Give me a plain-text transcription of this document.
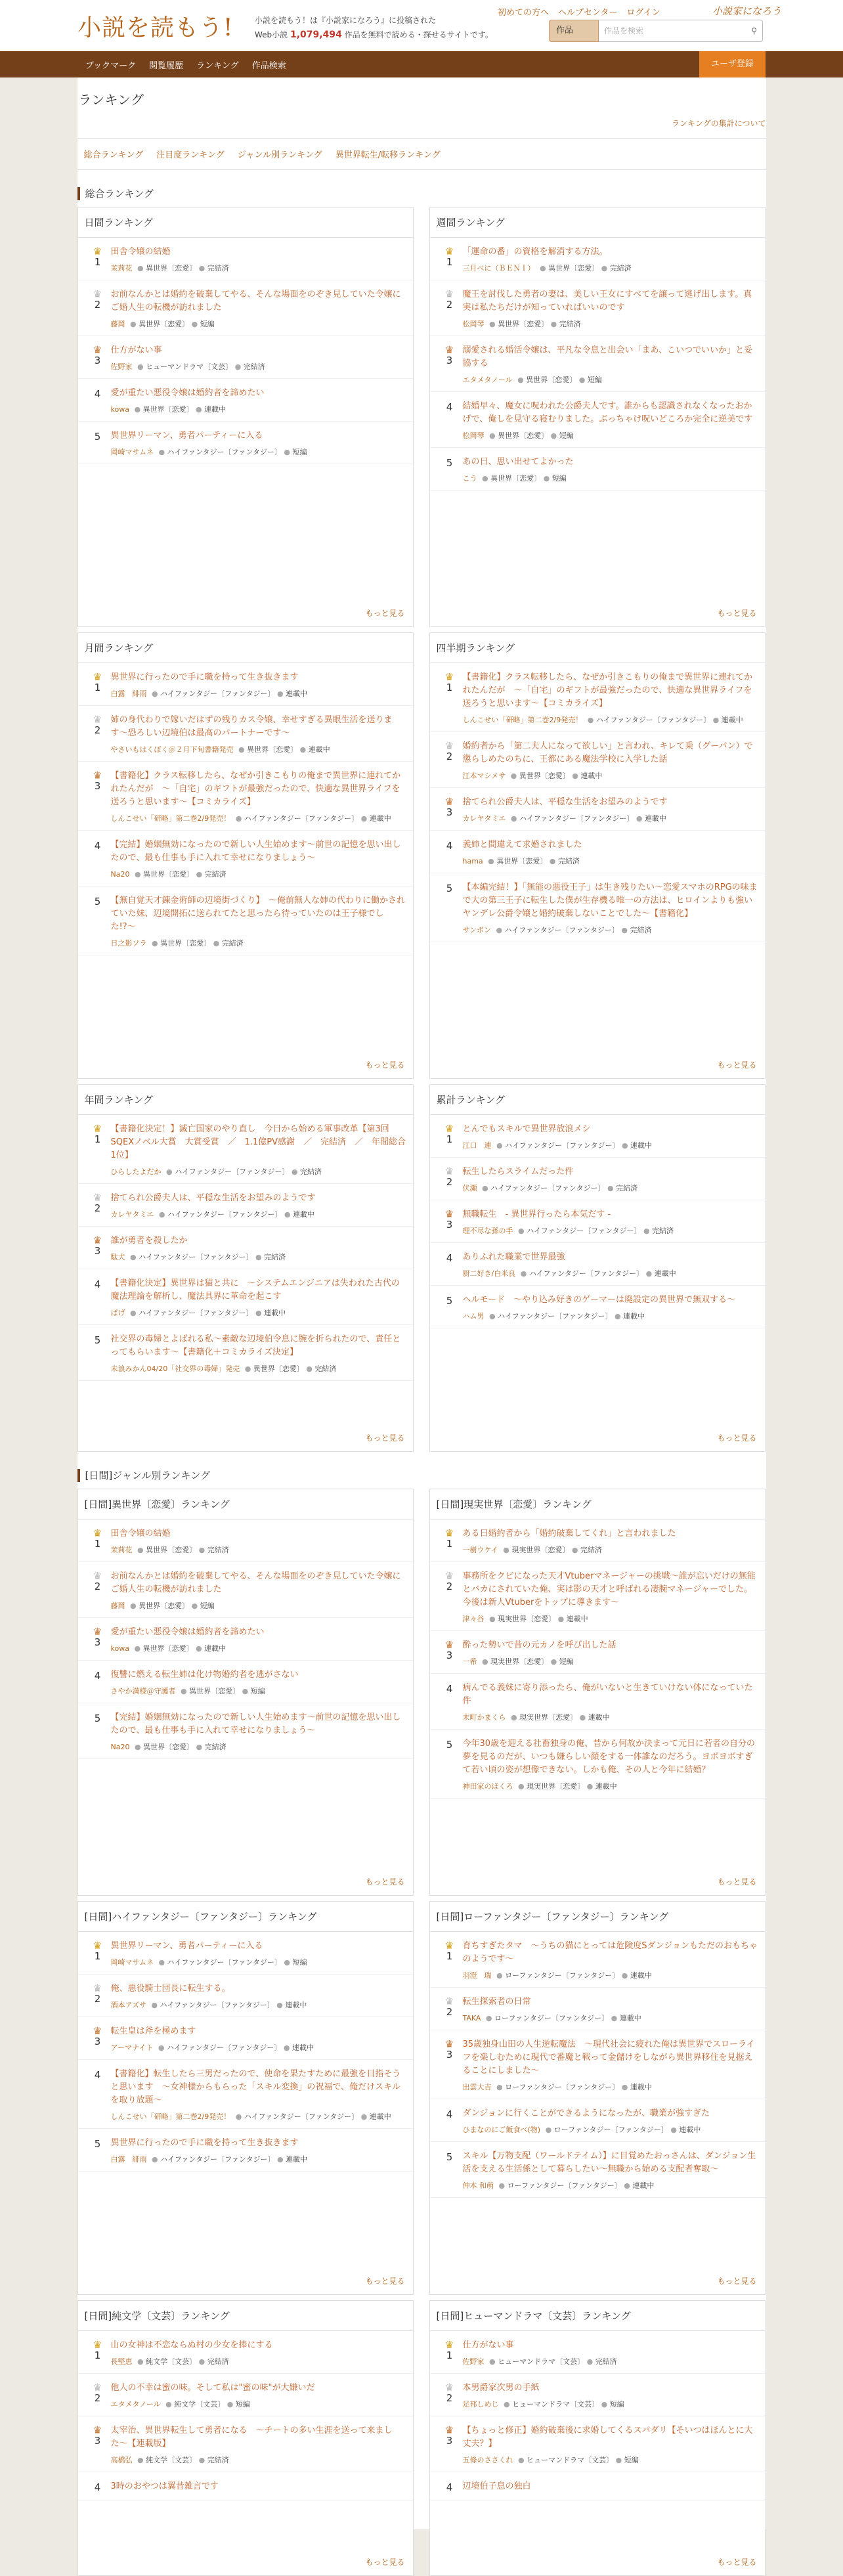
小説を読もう!	小説を読もう！は『小説家になろう』に投稿された
Web小説 1,079,494 作品を無料で読める・探せるサイトです。
初めての方へ ヘルプセンター ログイン	小説家になろう
作品	作品を検索	⚲
ブックマーク 閲覧履歴 ランキング 作品検索	ユーザ登録
ランキング
ランキングの集計について
総合ランキング 注目度ランキング ジャンル別ランキング 異世界転生/転移ランキング
総合ランキング
日間ランキング
♛
1
田舎令嬢の結婚
茉莉花 ● 異世界〔恋愛〕 ● 完結済
♛
2
お前なんかとは婚約を破棄してやる、そんな場面をのぞき見していた令嬢にご婚人生の転機が訪れました
藤岡 ● 異世界〔恋愛〕 ● 短編
♛
3
仕方がない事
佐野家 ● ヒューマンドラマ〔文芸〕 ● 完結済
4	愛が重たい悪役令嬢は婚約者を諦めたい
kowa ● 異世界〔恋愛〕 ● 連載中
5	異世界リーマン、勇者パーティーに入る
岡崎マサムネ ● ハイファンタジー〔ファンタジー〕 ● 短編
もっと見る
週間ランキング
♛
1
「運命の番」の資格を解消する方法。
三月べに（ＢＥＮＩ） ● 異世界〔恋愛〕 ● 完結済
♛
2
魔王を討伐した勇者の妻は、美しい王女にすべてを譲って逃げ出します。真実は私たちだけが知っていればいいのです
松岡琴 ● 異世界〔恋愛〕 ● 完結済
♛
3
溺愛される婚活令嬢は、平凡な令息と出会い「まあ、こいつでいいか」と妥協する
エタメタノール ● 異世界〔恋愛〕 ● 短編
4	結婚早々、魔女に呪われた公爵夫人です。誰からも認識されなくなったおかげで、俺しを見守る寝むりました。ぶっちゃけ呪いどころか完全に逆美です
松岡琴 ● 異世界〔恋愛〕 ● 短編
5	あの日、思い出せてよかった
こう ● 異世界〔恋愛〕 ● 短編
もっと見る
月間ランキング
♛
1
異世界に行ったので手に職を持って生き抜きます
白露　緋雨 ● ハイファンタジー〔ファンタジー〕 ● 連載中
♛
2
姉の身代わりで嫁いだはずの残りカス令嬢、幸せすぎる異眼生活を送ります〜恐ろしい辺境伯は最高のパートナーです〜
やさいもはくぼく＠２月下旬書籍発売 ● 異世界〔恋愛〕 ● 連載中
♛
3
【書籍化】クラス転移したら、なぜか引きこもりの俺まで異世界に連れてかれたんだが　〜「自宅」のギフトが最強だったので、快適な異世界ライフを送ろうと思います〜【コミカライズ】
しんこせい「研略」第二巻2/9発売！ ● ハイファンタジー〔ファンタジー〕 ● 連載中
4	【完結】婚姻無効になったので新しい人生始めます〜前世の記憶を思い出したので、最も仕事も手に入れて幸せになりましょう〜
Na20 ● 異世界〔恋愛〕 ● 完結済
5	【無自覚天才錬金術師の辺境街づくり】　〜俺前無人な姉の代わりに働かされていた妹、辺境開拓に送られてたと思ったら待っていたのは王子様でした!?〜
日之影ソラ ● 異世界〔恋愛〕 ● 完結済
もっと見る
四半期ランキング
♛
1
【書籍化】クラス転移したら、なぜか引きこもりの俺まで異世界に連れてかれたんだが　〜「自宅」のギフトが最強だったので、快適な異世界ライフを送ろうと思います〜【コミカライズ】
しんこせい「研略」第二巻2/9発売！ ● ハイファンタジー〔ファンタジー〕 ● 連載中
♛
2
婚約者から「第二夫人になって欲しい」と言われ、キレて乗（グーパン）で懲らしめたのちに、王都にある魔法学校に入学した話
江本マシメサ ● 異世界〔恋愛〕 ● 連載中
♛
3
捨てられ公爵夫人は、平穏な生活をお望みのようです
カレヤタミエ ● ハイファンタジー〔ファンタジー〕 ● 連載中
4	義姉と間違えて求婚されました
hama ● 異世界〔恋愛〕 ● 完結済
5	【本編完結！】「無能の悪役王子」は生き残りたい〜恋愛スマホのRPGの味まで大の第三王子に転生した僕が生存機る唯一の方法は、ヒロインよりも強いヤンデレ公爵令嬢と婚約破棄しないことでした〜【書籍化】
サンボン ● ハイファンタジー〔ファンタジー〕 ● 完結済
もっと見る
年間ランキング
♛
1
【書籍化決定！】滅亡国家のやり直し　今日から始める軍事改革【第3回SQEXノベル大賞　大賞受賞　／　1.1億PV感謝　／　完結済　／　年間総合1位】
ひらしたよだか ● ハイファンタジー〔ファンタジー〕 ● 完結済
♛
2
捨てられ公爵夫人は、平穏な生活をお望みのようです
カレヤタミエ ● ハイファンタジー〔ファンタジー〕 ● 連載中
♛
3
誰が勇者を殺したか
駄犬 ● ハイファンタジー〔ファンタジー〕 ● 完結済
4	【書籍化決定】異世界は猫と共に　〜システムエンジニアは失われた古代の魔法理論を解析し、魔法具界に革命を起こす
ぱげ ● ハイファンタジー〔ファンタジー〕 ● 連載中
5	社交界の毒婦とよばれる私〜素敵な辺境伯令息に腕を折られたので、責任とってもらいます〜【書籍化＋コミカライズ決定】
未浪みかん04/20「社交界の毒婦」発売 ● 異世界〔恋愛〕 ● 完結済
もっと見る
累計ランキング
♛
1
とんでもスキルで異世界放浪メシ
江口　連 ● ハイファンタジー〔ファンタジー〕 ● 連載中
♛
2
転生したらスライムだった件
伏瀬 ● ハイファンタジー〔ファンタジー〕 ● 完結済
♛
3
無職転生　- 異世界行ったら本気だす -
理不尽な孫の手 ● ハイファンタジー〔ファンタジー〕 ● 完結済
4	ありふれた職業で世界最強
厨二好き/白米良 ● ハイファンタジー〔ファンタジー〕 ● 連載中
5	ヘルモード　〜やり込み好きのゲーマーは廃設定の異世界で無双する〜
ハム男 ● ハイファンタジー〔ファンタジー〕 ● 連載中
もっと見る
[日間]ジャンル別ランキング
[日間]異世界〔恋愛〕ランキング
♛
1
田舎令嬢の結婚
茉莉花 ● 異世界〔恋愛〕 ● 完結済
♛
2
お前なんかとは婚約を破棄してやる、そんな場面をのぞき見していた令嬢にご婚人生の転機が訪れました
藤岡 ● 異世界〔恋愛〕 ● 短編
♛
3
愛が重たい悪役令嬢は婚約者を諦めたい
kowa ● 異世界〔恋愛〕 ● 連載中
4	復讐に燃える転生姉は化け物婚約者を逃がさない
さやか満様＠守護者 ● 異世界〔恋愛〕 ● 短編
5	【完結】婚姻無効になったので新しい人生始めます〜前世の記憶を思い出したので、最も仕事も手に入れて幸せになりましょう〜
Na20 ● 異世界〔恋愛〕 ● 完結済
もっと見る
[日間]現実世界〔恋愛〕ランキング
♛
1
ある日婚約者から「婚約破棄してくれ」と言われました
一樹ウケイ ● 現実世界〔恋愛〕 ● 完結済
♛
2
事務所をクビになった天才Vtuberマネージャーの挑戦〜誰が忘いだけの無能とバカにされていた俺、実は影の天才と呼ばれる凄腕マネージャーでした。今後は新人Vtuberをトップに導きます〜
津々谷 ● 現実世界〔恋愛〕 ● 連載中
♛
3
酔った勢いで昔の元カノを呼び出した話
一希 ● 現実世界〔恋愛〕 ● 短編
4	病んでる義妹に寄り添ったら、俺がいないと生きていけない体になっていた件
末町かまくら ● 現実世界〔恋愛〕 ● 連載中
5	今年30歳を迎える社畜独身の俺、昔から何故か決まって元日に若者の自分の夢を見るのだが、いつも嫌らしい顔をする一体誰なのだろう。ヨボヨボすぎて若い頃の姿が想像できない。しかも俺、その人と今年に結婚？
神田家のほくろ ● 現実世界〔恋愛〕 ● 連載中
もっと見る
[日間]ハイファンタジー〔ファンタジー〕ランキング
♛
1
異世界リーマン、勇者パーティーに入る
岡崎マサムネ ● ハイファンタジー〔ファンタジー〕 ● 短編
♛
2
俺、悪役騎士団長に転生する。
酒本アズサ ● ハイファンタジー〔ファンタジー〕 ● 連載中
♛
3
転生皇は斧を極めます
アーマナイト ● ハイファンタジー〔ファンタジー〕 ● 連載中
4	【書籍化】転生したら三男だったので、使命を果たすために最強を目指そうと思います　〜女神様からもらった「スキル変換」の祝福で、俺だけスキルを取り放題〜
しんこせい「研略」第二巻2/9発売！ ● ハイファンタジー〔ファンタジー〕 ● 連載中
5	異世界に行ったので手に職を持って生き抜きます
白露　緋雨 ● ハイファンタジー〔ファンタジー〕 ● 連載中
もっと見る
[日間]ローファンタジー〔ファンタジー〕ランキング
♛
1
育ちすぎたタマ　〜うちの猫にとっては危険度Sダンジョンもただのおもちゃのようです〜
羽澄　瑞 ● ローファンタジー〔ファンタジー〕 ● 連載中
♛
2
転生探索者の日常
TAKA ● ローファンタジー〔ファンタジー〕 ● 連載中
♛
3
35歳独身山田の人生逆転魔法　〜現代社会に疲れた俺は異世界でスローライフを楽しむために現代で番魔と戦って金儲けをしながら異世界移住を見据えることにしました〜
出雲大吉 ● ローファンタジー〔ファンタジー〕 ● 連載中
4	ダンジョンに行くことができるようになったが、職業が強すぎた
ひまなのにご飯食べ(物) ● ローファンタジー〔ファンタジー〕 ● 連載中
5	スキル【万物支配（ワールドテイム）】に目覚めたおっさんは、ダンジョン生活を支える生活係として暮らしたい〜無職から始める支配者奪取〜
仲本 和萌 ● ローファンタジー〔ファンタジー〕 ● 連載中
もっと見る
[日間]純文学〔文芸〕ランキング
♛
1
山の女神は不恋ならぬ村の少女を捧にする
長堅恵 ● 純文学〔文芸〕 ● 完結済
♛
2
他人の不幸は蜜の味。そして私は"蜜の味"が大嫌いだ
エタメタノール ● 純文学〔文芸〕 ● 短編
♛
3
太宰治、異世界転生して勇者になる　〜チートの多い生涯を送って来ました〜【連載版】
高橋弘 ● 純文学〔文芸〕 ● 完結済
4	3時のおやつは翼昔雑言です
もっと見る
[日間]ヒューマンドラマ〔文芸〕ランキング
♛
1
仕方がない事
佐野家 ● ヒューマンドラマ〔文芸〕 ● 完結済
♛
2
本男爵家次男の手紙
足邦しめじ ● ヒューマンドラマ〔文芸〕 ● 短編
♛
3
【ちょっと修正】婚約破棄後に求婚してくるスパダリ【そいつはほんとに大丈夫？】
五條のささくれ ● ヒューマンドラマ〔文芸〕 ● 短編
4	辺境伯子息の独白
もっと見る
